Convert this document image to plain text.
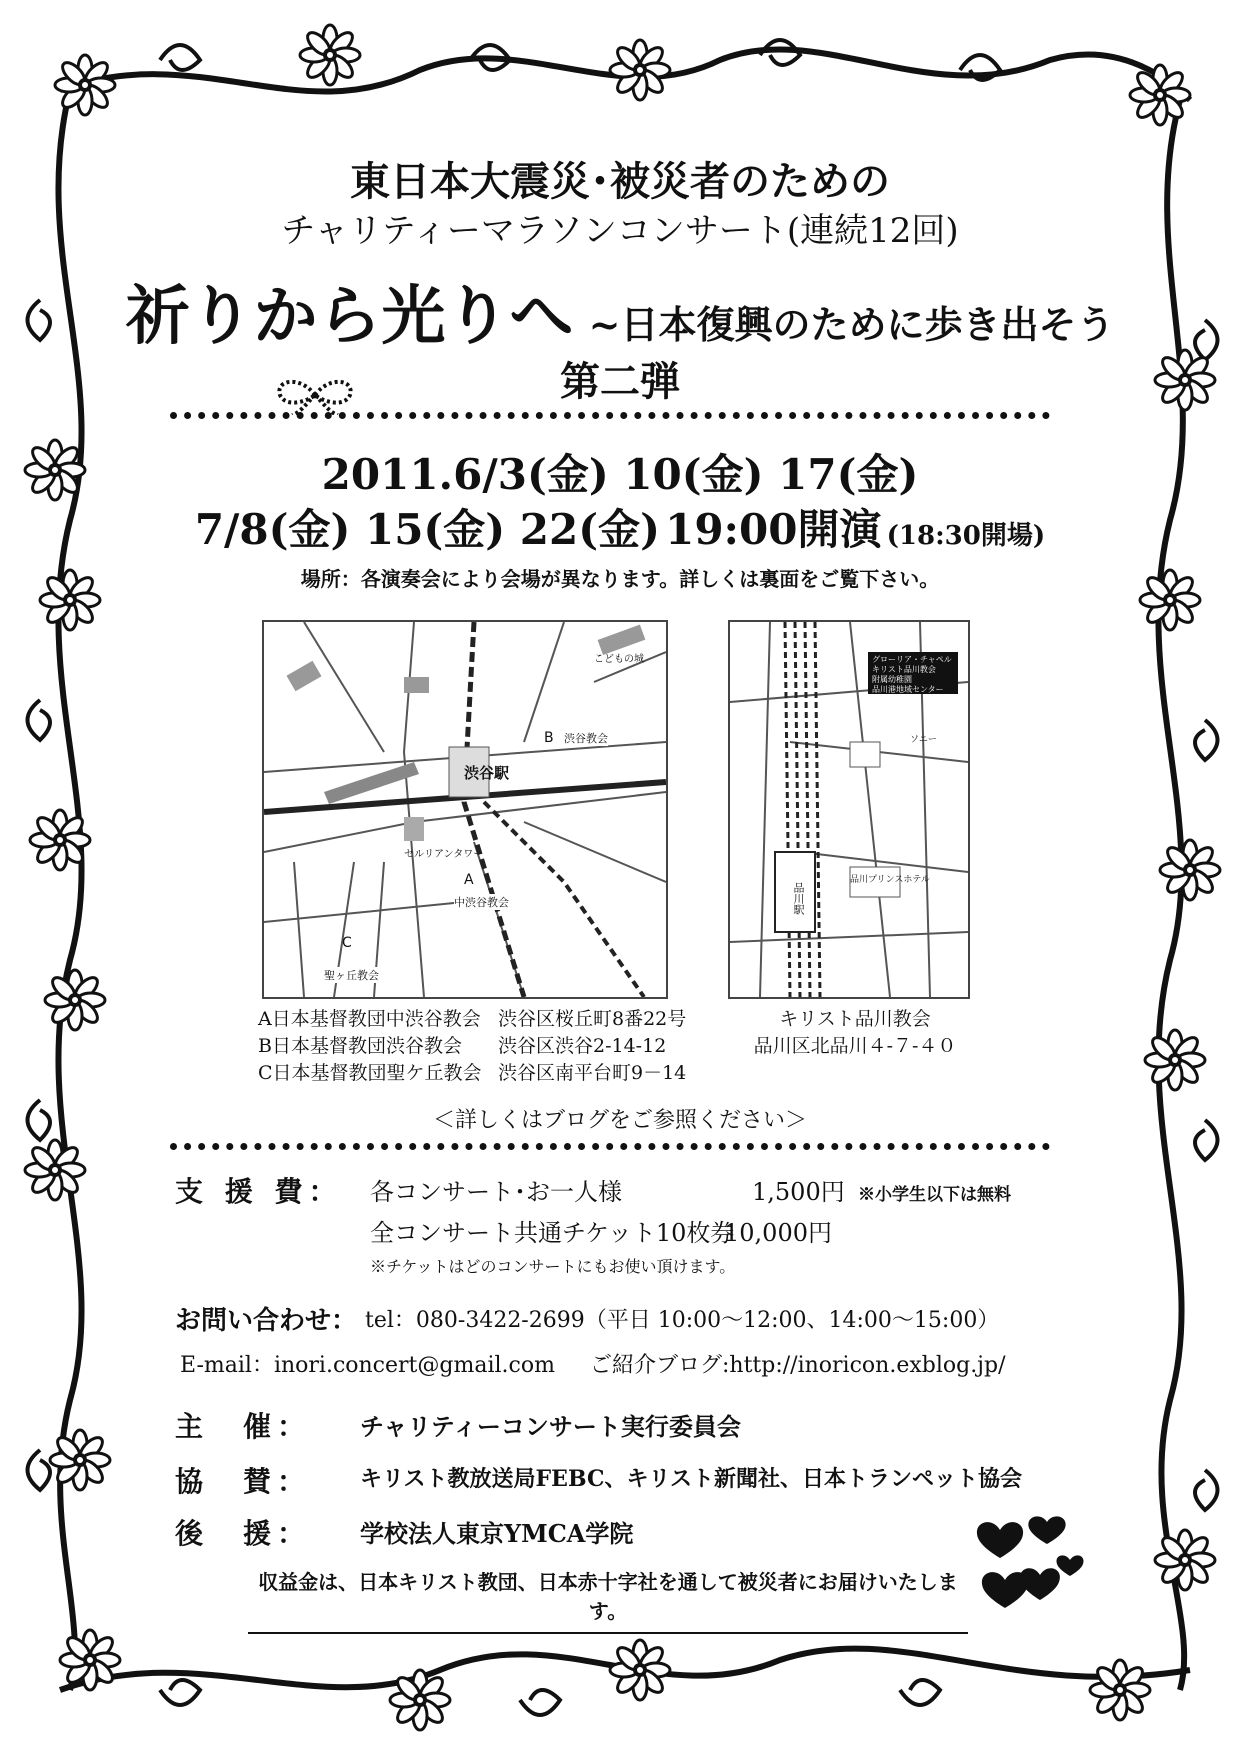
東日本大震災･被災者のための
チャリティーマラソンコンサート(連続12回)
祈りから光りへ ~日本復興のために歩き出そう
第二弾
2011.6/3(金) 10(金) 17(金)
7/8(金) 15(金) 22(金) 19:00開演 (18:30開場)
場所：各演奏会により会場が異なります。詳しくは裏面をご覧下さい。
渋谷駅
B 渋谷教会
A
中渋谷教会
C
聖ヶ丘教会
セルリアンタワー
こどもの城	グローリア・チャペル
キリスト品川教会
附属幼稚園
品川港地域センター
品川駅
品川プリンスホテル
ソニー
A日本基督教団中渋谷教会 渋谷区桜丘町8番22号
B日本基督教団渋谷教会 渋谷区渋谷2-14-12
C日本基督教団聖ケ丘教会 渋谷区南平台町9－14
キリスト品川教会
品川区北品川４-７-４０
＜詳しくはブログをご参照ください＞
支 援 費： 各コンサート･お一人様	1,500円 ※小学生以下は無料
全コンサート共通チケット10枚券
10,000円
※チケットはどのコンサートにもお使い頂けます。
お問い合わせ： tel：080-3422-2699（平日 10:00～12:00、14:00～15:00）
E-mail：inori.concert@gmail.com ご紹介ブログ:http://inoricon.exblog.jp/
主　催： チャリティーコンサート実行委員会
協　賛： キリスト教放送局FEBC、キリスト新聞社、日本トランペット協会
後　援： 学校法人東京YMCA学院
収益金は、日本キリスト教団、日本赤十字社を通して被災者にお届けいたします。
